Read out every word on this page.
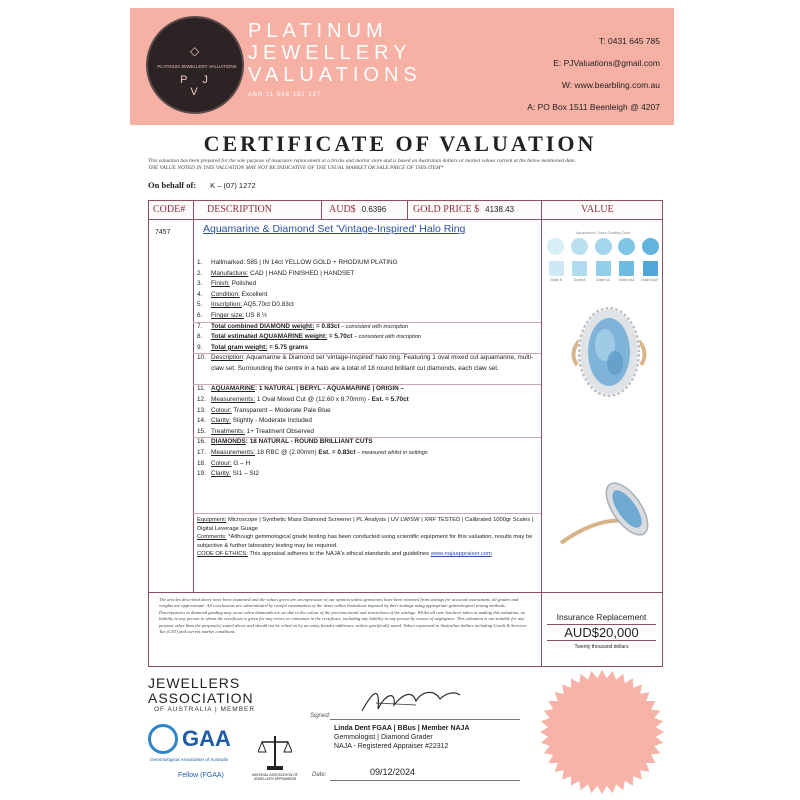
◇
PLATINUM JEWELLERY VALUATIONS
P J V
PLATINUM
JEWELLERY
VALUATIONS
ABN 11 568 182 127
T: 0431 645 785
E: PJValuations@gmail.com
W: www.bearbling.com.au
A: PO Box 1511 Beenleigh @ 4207
CERTIFICATE OF VALUATION
This valuation has been prepared for the sole purpose of insurance replacement at a bricks and mortar store and is based on Australian dollars or market values current at the below mentioned date.
THE VALUE NOTED IN THIS VALUATION MAY NOT BE INDICATIVE OF THE USUAL MARKET OR SALE PRICE OF THIS ITEM*
On behalf of: K – (07) 1272
CODE# DESCRIPTION	AUD$ 0.6396	GOLD PRICE $ 4138.43	VALUE
7457	Aquamarine & Diamond Set 'Vintage-Inspired' Halo Ring
1.	Hallmarked: 585 | IN 14ct YELLOW GOLD + RHODIUM PLATING
2.	Manufacture: CAD | HAND FINISHED | HANDSET
3.	Finish: Polished
4.	Condition: Excellent
5.	Inscription: AQ5.70ct D0.83ct
6.	Finger size: US 8 ½
7.	Total combined DIAMOND weight: = 0.83ct – consistent with inscription
8.	Total estimated AQUAMARINE weight: = 5.70ct – consistent with inscription
9.	Total gram weight: = 5.75 grams
10. Description: Aquamarine & Diamond set 'vintage-inspired' halo ring. Featuring 1 oval mixed cut aquamarine, multi-claw set. Surrounding the centre in a halo are a total of 18 round brilliant cut diamonds, each claw set.
11. AQUAMARINE: 1 NATURAL | BERYL - AQUAMARINE | ORIGIN –
12. Measurements: 1 Oval Mixed Cut @ (12.60 x 8.70mm) - Est. = 5.70ct
13. Colour: Transparent – Moderate Pale Blue
14. Clarity: Slightly - Moderate Included
15. Treatments: 1+ Treatment Observed
16. DIAMONDS: 18 NATURAL - ROUND BRILLIANT CUTS
17. Measurements: 18 RBC @ (2.00mm) Est. = 0.83ct – measured whilst in settings
18. Colour: G – H
19. Clarity: SI1 – SI2
Equipment: Microscope | Synthetic Mass Diamond Screener | PL Analysis | UV LW/SW | XRF TESTED | Calibrated 1000gr Scales | Digital Leverage Guage
Comments: *Although gemmological grade testing has been conducted using scientific equipment for this valuation, results may be subjective & further laboratory testing may be required.
CODE OF ETHICS: This appraisal adheres to the NAJA's ethical standards and guidelines www.najaappraiser.com
Aquamarine Colour Grading Chart
Grade B	Grade A	Grade AA	Grade AAA	Grade AAA+
The articles described above have been examined and the values given are an expression of our opinion unless gemstones have been removed from settings for accurate assessment, all grades and weights are approximate. All conclusions are substantiated by careful examination of the items within limitations imposed by their settings using appropriate gemmological testing methods. Discrepancies in diamond grading may occur when diamonds are set due to the colour of the precious metal and restrictions of the settings. Whilst all care has been taken in making this valuation, no liability to any person to whom the certificate is given for any errors or omissions in the certificate, including any liability to any person by reason of negligence. This valuation is not suitable for any purpose other than the purpose(s) stated above and should not be relied on by an entity besides addressee, unless specifically noted. Values expressed in Australian dollars including Goods & Services Tax (GST) and current market conditions.
Insurance Replacement
AUD$20,000
Twenty thousand dollars
JEWELLERS
ASSOCIATION
OF AUSTRALIA | MEMBER
GAA
Gemmological Association of Australia
Fellow (FGAA)	NATIONAL ASSOCIATION OF JEWELLERY APPRAISERS
Signed:
Linda Dent FGAA | BBus | Member NAJA
Gemmologist | Diamond Grader
NAJA - Registered Appraiser #22312
Date:	09/12/2024
